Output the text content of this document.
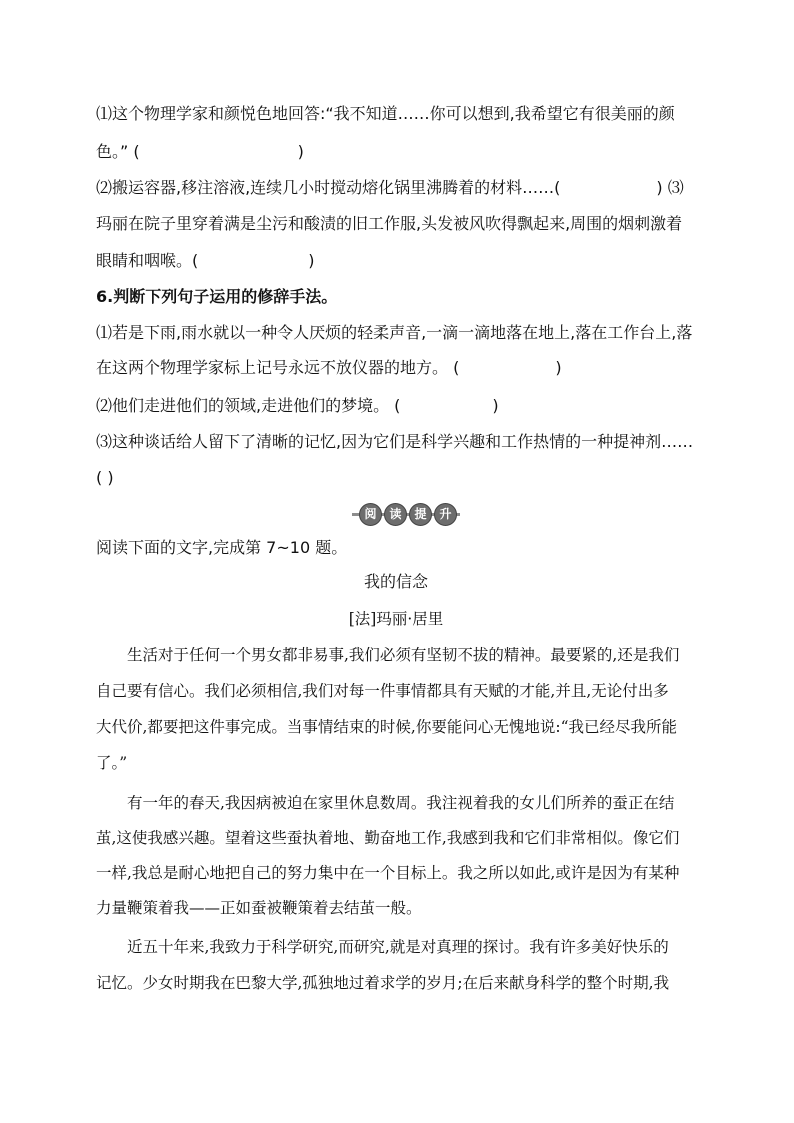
⑴这个物理学家和颜悦色地回答:“我不知道……你可以想到,我希望它有很美丽的颜
色。” (	)
⑵搬运容器,移注溶液,连续几小时搅动熔化锅里沸腾着的材料……(	) ⑶
玛丽在院子里穿着满是尘污和酸渍的旧工作服,头发被风吹得飘起来,周围的烟刺激着
眼睛和咽喉。(	)
6.判断下列句子运用的修辞手法。
⑴若是下雨,雨水就以一种令人厌烦的轻柔声音,一滴一滴地落在地上,落在工作台上,落
在这两个物理学家标上记号永远不放仪器的地方。 (	)
⑵他们走进他们的领域,走进他们的梦境。 (	)
⑶这种谈话给人留下了清晰的记忆,因为它们是科学兴趣和工作热情的一种提神剂……
( )
阅	读	提	升
阅读下面的文字,完成第 7~10 题。
我的信念
[法]玛丽·居里
生活对于任何一个男女都非易事,我们必须有坚韧不拔的精神。最要紧的,还是我们
自己要有信心。我们必须相信,我们对每一件事情都具有天赋的才能,并且,无论付出多
大代价,都要把这件事完成。当事情结束的时候,你要能问心无愧地说:“我已经尽我所能
了。”
有一年的春天,我因病被迫在家里休息数周。我注视着我的女儿们所养的蚕正在结
茧,这使我感兴趣。望着这些蚕执着地、勤奋地工作,我感到我和它们非常相似。像它们
一样,我总是耐心地把自己的努力集中在一个目标上。我之所以如此,或许是因为有某种
力量鞭策着我——正如蚕被鞭策着去结茧一般。
近五十年来,我致力于科学研究,而研究,就是对真理的探讨。我有许多美好快乐的
记忆。少女时期我在巴黎大学,孤独地过着求学的岁月;在后来献身科学的整个时期,我
